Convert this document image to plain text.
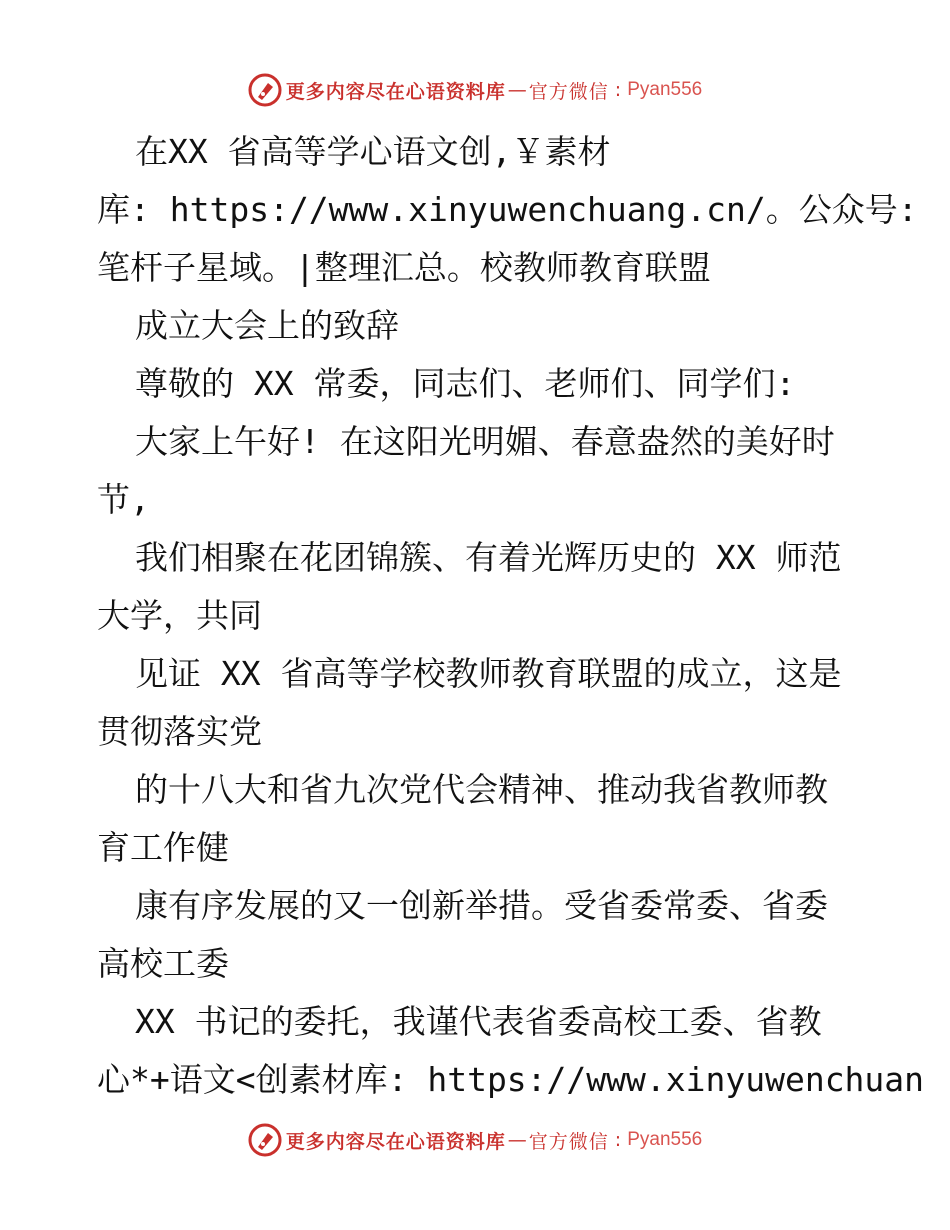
更多内容尽在心语资料库 — 官方微信 : Pyan556
在XX 省高等学心语文创,￥素材
库: https://www.xinyuwenchuang.cn/。公众号:
笔杆子星域。|整理汇总。校教师教育联盟
成立大会上的致辞
尊敬的 XX 常委，同志们、老师们、同学们:
大家上午好! 在这阳光明媚、春意盎然的美好时
节,
我们相聚在花团锦簇、有着光辉历史的 XX 师范
大学，共同
见证 XX 省高等学校教师教育联盟的成立，这是
贯彻落实党
的十八大和省九次党代会精神、推动我省教师教
育工作健
康有序发展的又一创新举措。受省委常委、省委
高校工委
XX 书记的委托，我谨代表省委高校工委、省教
心*+语文<创素材库: https://www.xinyuwenchuan
更多内容尽在心语资料库 — 官方微信 : Pyan556
